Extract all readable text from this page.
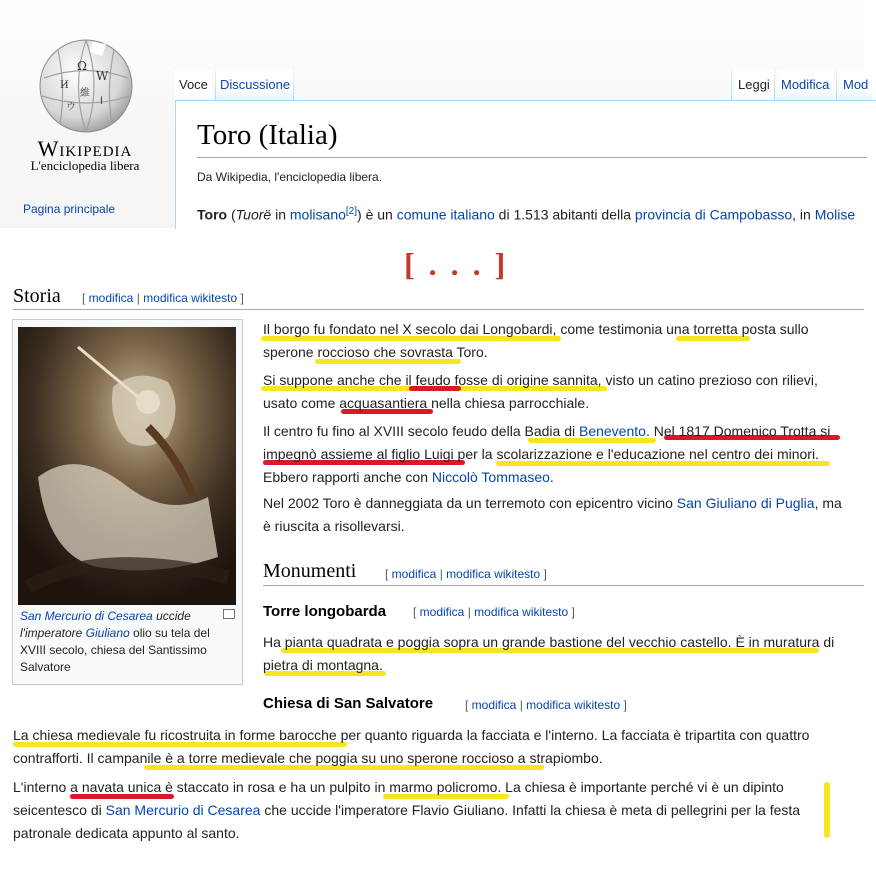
Ω
W
И
維
ウ
ا
Wikipedia
L'enciclopedia libera
Pagina principale
Voce Discussione	Leggi Modifica	Mod
Toro (Italia)
Da Wikipedia, l'enciclopedia libera.
Toro (Tuorë in molisano[2]) è un comune italiano di 1.513 abitanti della provincia di Campobasso, in Molise
[ . . . ]
Storia [ modifica | modifica wikitesto ]
San Mercurio di Cesarea uccide l'imperatore Giuliano olio su tela del XVIII secolo, chiesa del Santissimo Salvatore
Il borgo fu fondato nel X secolo dai Longobardi, come testimonia una torretta posta sullo sperone roccioso che sovrasta Toro.
Si suppone anche che il feudo fosse di origine sannita, visto un catino prezioso con rilievi, usato come acquasantiera nella chiesa parrocchiale.
Il centro fu fino al XVIII secolo feudo della Badia di Benevento. Nel 1817 Domenico Trotta si impegnò assieme al figlio Luigi per la scolarizzazione e l'educazione nel centro dei minori. Ebbero rapporti anche con Niccolò Tommaseo.
Nel 2002 Toro è danneggiata da un terremoto con epicentro vicino San Giuliano di Puglia, ma è riuscita a risollevarsi.
Monumenti [ modifica | modifica wikitesto ]
Torre longobarda [ modifica | modifica wikitesto ]
Ha pianta quadrata e poggia sopra un grande bastione del vecchio castello. È in muratura di pietra di montagna.
Chiesa di San Salvatore	[ modifica | modifica wikitesto ]
La chiesa medievale fu ricostruita in forme barocche per quanto riguarda la facciata e l'interno. La facciata è tripartita con quattro contrafforti. Il campanile è a torre medievale che poggia su uno sperone roccioso a strapiombo.
L'interno a navata unica è staccato in rosa e ha un pulpito in marmo policromo. La chiesa è importante perché vi è un dipinto seicentesco di San Mercurio di Cesarea che uccide l'imperatore Flavio Giuliano. Infatti la chiesa è meta di pellegrini per la festa patronale dedicata appunto al santo.
